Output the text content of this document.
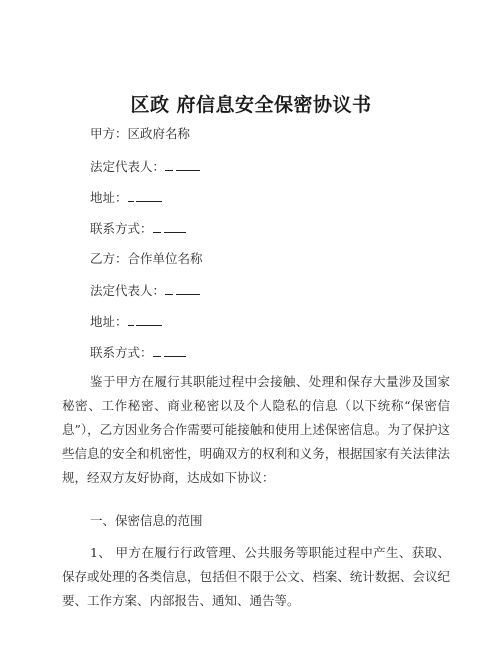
区政 府信息安全保密协议书
甲方：区政府名称
法定代表人：
地址：
联系方式：
乙方：合作单位名称
法定代表人：
地址：
联系方式：

鉴于甲方在履行其职能过程中会接触、处理和保存大量涉及国家秘密、工作秘密、商业秘密以及个人隐私的信息（以下统称“保密信息”），乙方因业务合作需要可能接触和使用上述保密信息。为了保护这些信息的安全和机密性，明确双方的权利和义务，根据国家有关法律法规，经双方友好协商，达成如下协议：

一、保密信息的范围

1、 甲方在履行行政管理、公共服务等职能过程中产生、获取、保存或处理的各类信息，包括但不限于公文、档案、统计数据、会议纪要、工作方案、内部报告、通知、通告等。
